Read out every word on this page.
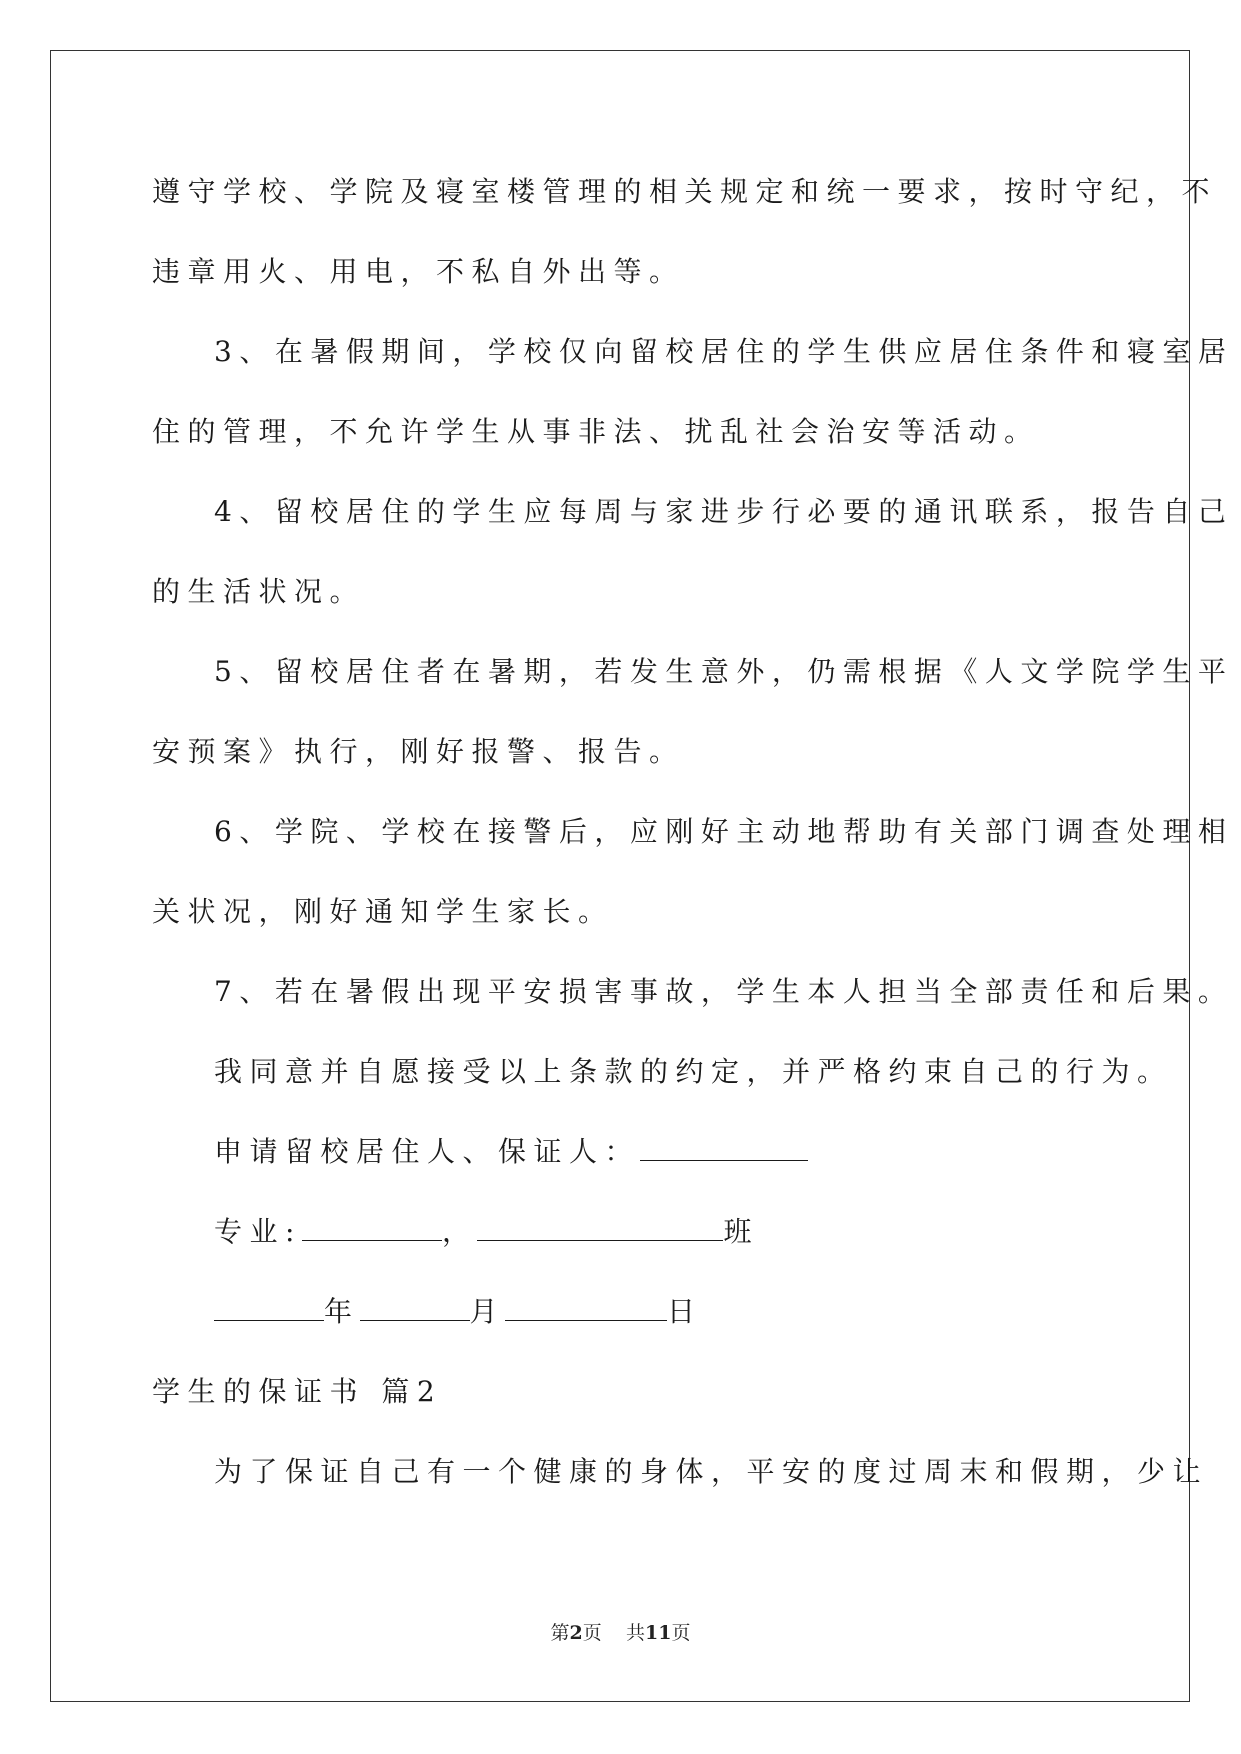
遵守学校、学院及寝室楼管理的相关规定和统一要求，按时守纪，不
违章用火、用电，不私自外出等。
3、在暑假期间，学校仅向留校居住的学生供应居住条件和寝室居
住的管理，不允许学生从事非法、扰乱社会治安等活动。
4、留校居住的学生应每周与家进步行必要的通讯联系，报告自己
的生活状况。
5、留校居住者在暑期，若发生意外，仍需根据《人文学院学生平
安预案》执行，刚好报警、报告。
6、学院、学校在接警后，应刚好主动地帮助有关部门调查处理相
关状况，刚好通知学生家长。
7、若在暑假出现平安损害事故，学生本人担当全部责任和后果。
我同意并自愿接受以上条款的约定，并严格约束自己的行为。
申请留校居住人、保证人：
专业:	，	班
年	月	日
学生的保证书 篇2
为了保证自己有一个健康的身体，平安的度过周末和假期，少让
第2页 共11页
